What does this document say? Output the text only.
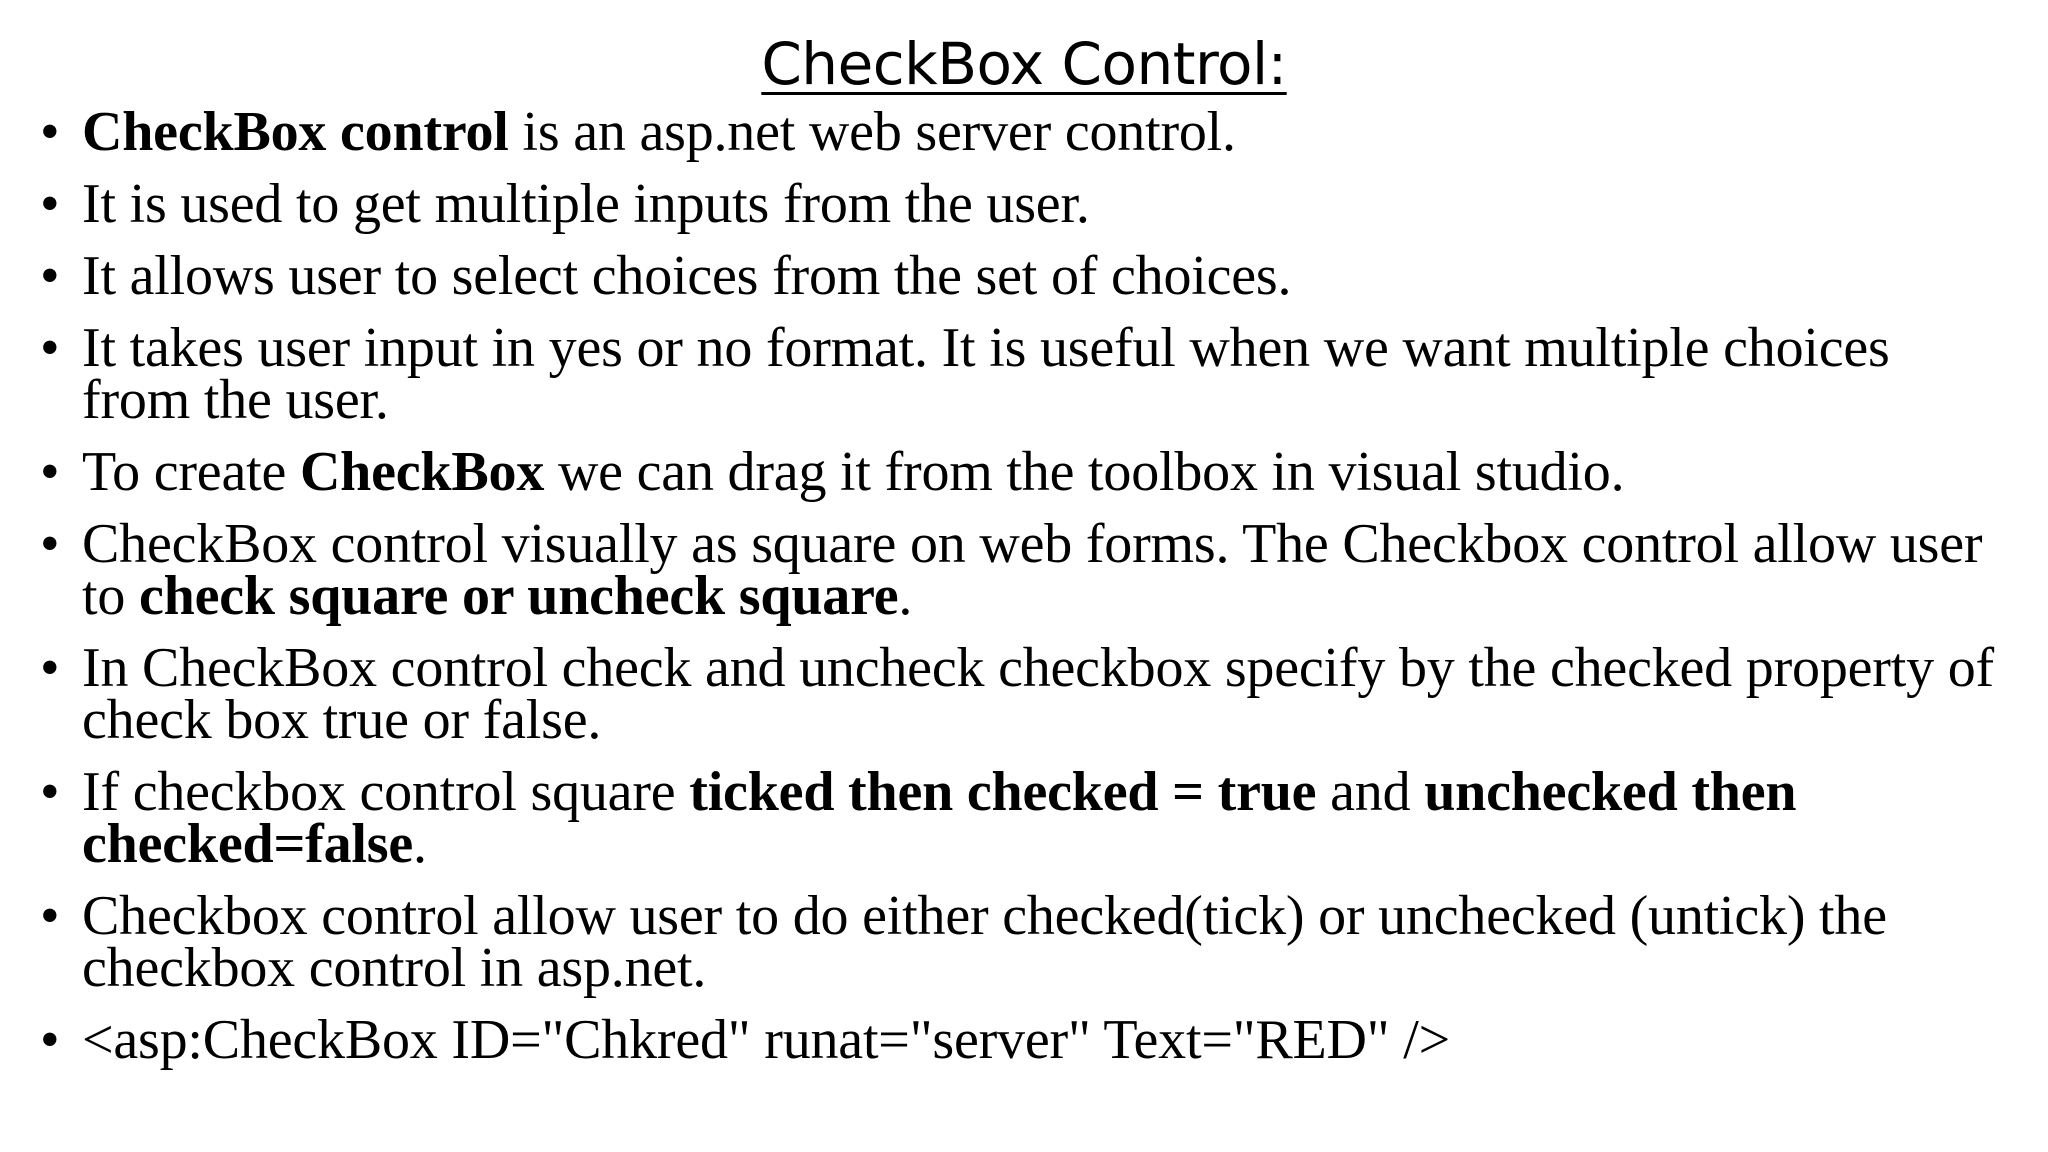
CheckBox Control:
• CheckBox control is an asp.net web server control.
• It is used to get multiple inputs from the user.
• It allows user to select choices from the set of choices.
• It takes user input in yes or no format. It is useful when we want multiple choices from the user.
• To create CheckBox we can drag it from the toolbox in visual studio.
• CheckBox control visually as square on web forms. The Checkbox control allow user to check square or uncheck square.
• In CheckBox control check and uncheck checkbox specify by the checked property of check box true or false.
• If checkbox control square ticked then checked = true and unchecked then checked=false.
• Checkbox control allow user to do either checked(tick) or unchecked (untick) the checkbox control in asp.net.
• <asp:CheckBox ID="Chkred" runat="server" Text="RED" />
